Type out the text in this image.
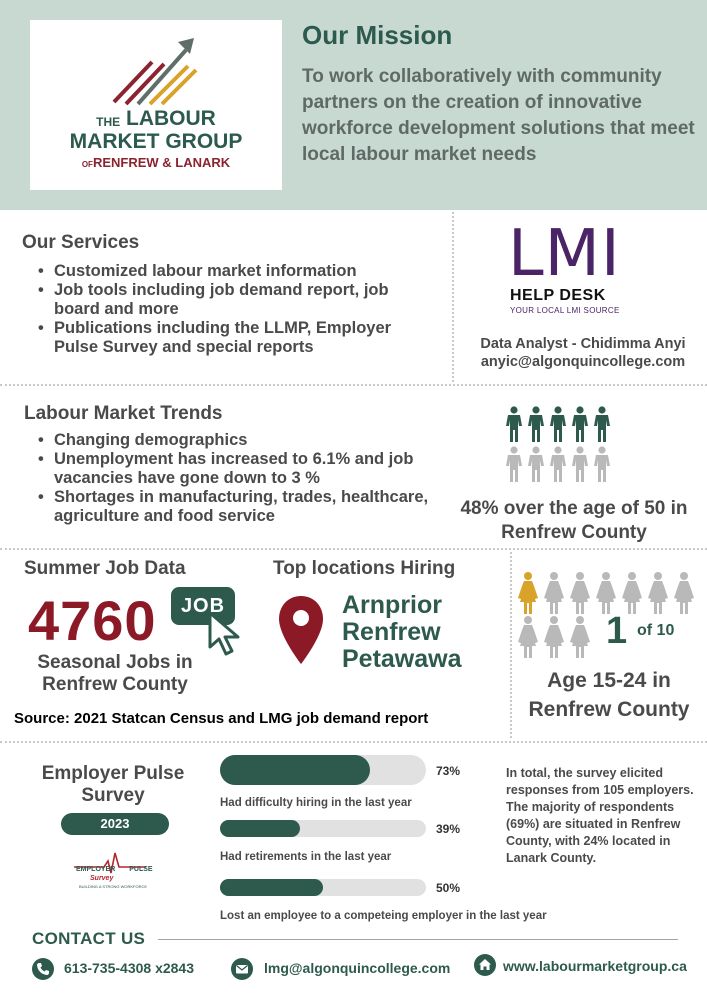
$^{THE}$ LABOUR
MARKET GROUP
OFRENFREW & LANARK
Our Mission
To work collaboratively with community partners on the creation of innovative workforce development solutions that meet local labour market needs
Our Services
• Customized labour market information
• Job tools including job demand report, job board and more
• Publications including the LLMP, Employer Pulse Survey and special reports
LMI
HELP DESK
YOUR LOCAL LMI SOURCE
Data Analyst - Chidimma Anyi
anyic@algonquincollege.com
Labour Market Trends
• Changing demographics
• Unemployment has increased to 6.1% and job vacancies have gone down to 3 %
• Shortages in manufacturing, trades, healthcare, agriculture and food service	48% over the age of 50 in Renfrew County
Summer Job Data
4760	JOB
Seasonal Jobs in Renfrew County
Top locations Hiring
Arnprior
Renfrew
Petawawa
Source: 2021 Statcan Census and LMG job demand report
1 of 10
Age 15-24 in Renfrew County
Employer Pulse Survey
2023
EMPLOYER PULSE
Survey
BUILDING A STRONG WORKFORCE
73%
Had difficulty hiring in the last year
39%
Had retirements in the last year
50%
Lost an employee to a competeing employer in the last year
In total, the survey elicited responses from 105 employers. The majority of respondents (69%) are situated in Renfrew County, with 24% located in Lanark County.
CONTACT US
613-735-4308 x2843	lmg@algonquincollege.com	www.labourmarketgroup.ca
